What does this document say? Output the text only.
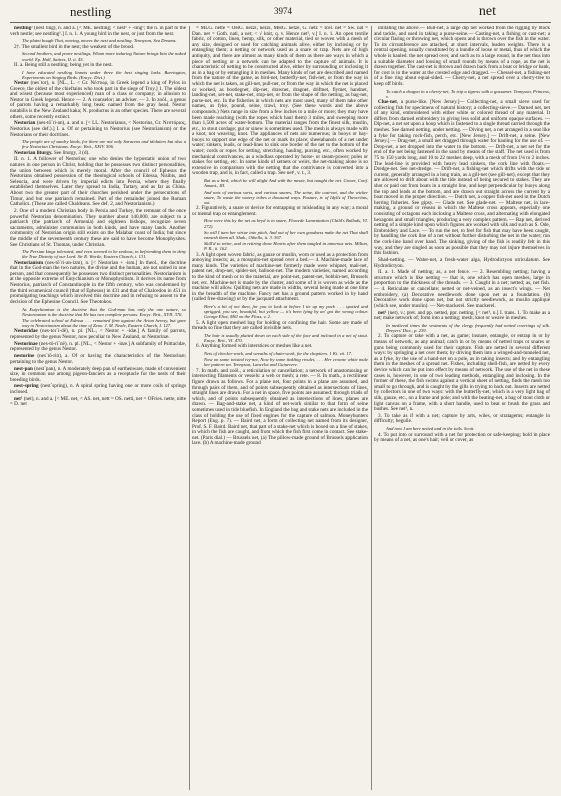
nestling	3974	net

nestling² (nest´ling), n. and a. [< ME. nestling; < nest¹ + -ling¹; the n. in part to the verb nestle; see nestling¹.] I. n. 1. A young bird in the nest, or just from the nest.

The plaint bough That, moving, moves the nest and nestling. Tennyson, Sea Dreams.

2†. The smallest bird in the nest; the weakest of the brood.

Second brothers, and poore nestlings, Whom more induring Nature brings Into the naked world. Ep. Hall, Satires, II. ii. 45.

II. a. Being still a nestling; being yet in the nest.

I have educated nestling linnets under three the best singing larks. Barrington, Experiments on Singing Birds. (Encyc. Dict.)

Nestor (nes´tor), n. [NL., L. < Gr. Νέστωρ, in Greek legend a king of Pylos in Greece, the oldest of the chieftains who took part in the siege of Troy.] 1. The oldest and wisest (because most experienced) man of a class or company; in allusion to Nestor in Greek legend. Hence — 2. A counselor; an adviser. — 3. In zoöl., a genus of parrots having a remarkably long beak: named from the gray head. Nestor notabilis is the New Zealand kaka; N. productus is an other species. There are several others, some recently extinct.

Nestorian (nes-tō´ri-an), a. and n. [< LL. Nestorianus, < Nestorius, Gr. Νεστόριος, Nestorius (see def.).] I. a. Of or pertaining to Nestorius (see Nestorianism) or the Nestorians or their doctrines.

The people are of sundry kinds, for there are not only Saracens and idolaters but also a few Nestorian Christians. Encyc. Brit., XXIV. 596.

Nestorian liturgy. See liturgy, 3 (d).

II. n. 1. A follower of Nestorius; one who denies the hypostatic union of two natures in one person in Christ, holding that he possesses two distinct personalities, the union between which is merely moral. After the council of Ephesus the Nestorians obtained possession of the theological schools of Edessa, Nisibis, and Seleucia, and were driven by imperial edicts into Persia, where they finally established themselves. Later they spread to India, Tartary, and as far as China. About two the greater part of their churches perished under the persecutions of Timur, and but one patriarch remained. Part of the remainder joined the Roman Catholics. (These are called Chaldeans. See def. 2, and Nestorianism.)

2. One of a modern Christian body in Persia and Turkey, the remnant of the once powerful Nestorian denomination. They number about 140,000, are subject to a patriarch (the patriarch of Armenia) and eighteen bishops, recognize seven sacraments, administer communion in both kinds, and have many lands. Another community of Nestorian origin still exists on the Malabar coast of India; but since the middle of the seventeenth century these are said to have become Monophysites. See Christians of St. Thomas, under Christian.

The Persian kings tolerated, and even seemed to be zealous, in befriending them to deny the True Divinity of our Lord. Sir R. Wortle, Eastern Church, i. 131.

Nestorianism (nes-tō´ri-an-izm), n. [< Nestorian + -ism.] In theol., the doctrine that in the God-man the two natures, the divine and the human, are not united in one person, and that consequently he possesses two distinct personalities. Nestorianism is at the opposite extreme of Eutychianism or Monophysitism. It derives its name from Nestorius, patriarch of Constantinople in the fifth century, who was condemned by the third ecumenical council (that of Ephesus) in 431 and that of Chalcedon in 451 in promulgating teachings which involved this doctrine and in refusing to assent to the decision of the Ephesine Council. See Theotokos.

As Eutychianism is the doctrine that the God-man has only the one nature, so Nestorianism is the doctrine that He has two complete persons. Encyc. Brit., XVII. 376.

The celebrated school at Edessa . . . remained firm against the Arian heresy, but gave way to Nestorianism about the time of Zeno. J. M. Neale, Eastern Church, I. 127.

Nestoridae (nes-tor´i-dē), n. pl. [NL., < Nestor + -idæ.] A family of parrots, represented by the genus Nestor, now peculiar to New Zealand, or Nestorinæ.

Nestorinae (nes-tō-rī´nē), n. pl. [NL., < Nestor + -inæ.] A subfamily of Psittacidæ, represented by the genus Nestor.

nestorine (nes´tō-rin), a. Of or having the characteristics of the Nestorinæ; pertaining to the genus Nestor.

nest-pan (nest´pan), n. A moderately deep pan of earthenware, made of convenient size, in common use among pigeon-fanciers as a receptacle for the nests of their breeding birds.

nest-spring (nest´spring), n. A spiral spring having one or more coils of springs inclosed.

net¹ (net), n. and a. [< ME. net, < AS. net, nett = OS. netti, net = OFries. nette, nitte = D. net

= MLG. nette = OHG. nezzi, nezzi, MHG. netze, G. netz = Icel. net = Sw. nät = Dan. net = Goth. nati, a net; < √ knit, q. v. Hence net¹, v.] I. n. 1. An open textile fabric, of cotton, linen, hemp, silk, or other material, tied or woven with a mesh of any size, designed or used for catching animals alive, either by inclosing or by entangling them; a netting or network used as a snare or trap. Nets are of high antiquity, and there are almost as many kinds of them as there are ways in which a piece of netting or a network can be adapted to the capture of animals. It is characteristic of netting to be constructed alive, either by surrounding or inclosing it as in a bag or by entangling it in meshes. Many kinds of net are described and named from the nature of the game, as bird-net, butterfly-net, fish-net, or from the way in which the net is taken, as gill-net, pull-net, or from the way in which the net is placed or worked, as bootlegnet, dip-net, drawnet, dragnet, driftnet, flymet, handnet, landing-net, set-net, stake-net, stop-net, or from the shape of the netting, as bag-net, purse-net, etc. In the fisheries in which nets are most used, many of them take other names, as fyke, pound, seine, trawl, troy. (See these words and the above compounds.) Nets range in size from a few inches to a mile or more; they may have been made reaching (with the ropes which haul them) 3 miles, and sweeping more than 1,500 acres of water-bottom. The material ranges from the finest silk, muslin, etc., to stout cordage; gut or sinew is sometimes used. The mesh is always made with a knot, not weaving, knot. The appliances of nets are numerous; in buoys or bay-buoys to support one edge of the net or mark its place; sheetahanols of a net under water; sinkers, leads, or lead-lines to sink one border of the net to the bottom of the water; cords or ropes for setting, stretching, hauling, pursing, etc., often worked by mechanical contrivances, as a windlass operated by horse- or steam-power; poles or stakes for setting, etc. In some kinds of setnets or weirs, the net-making alone is so extensive in comparison with the netting that the contrivance is converted into a wooden trap, and is, in fact, called a trap. See net¹, v. t., 3.

But as a bird, which he will alight And with the meute, but naught the net. Gower, Conf. Amant., III.

And nets of various sorts, and various snares, The seine, the cast-net, and the wicker snare, To waste the watery tribes a thousand ways. Pasture, tr. of Idylls of Theocritus, xxi.

2. Figuratively, a snare or device for entrapping or misleading in any way; a moral or mental trap or entanglement.

How were this by the net as bryd is in snare, Flowede Lamentation (Child's Ballads, VI. 272).

So will I turn her virtue into pitch, And out of her own goodness make the net That shall enmesh them all. Shak., Othello, ii. 3. 367.

Skill'd to retire, and in retiring draw Hearts after them tangled in amorous nets. Milton, P. R., ii. 162.

3. A light open woven fabric, as gauze or muslin, worn or used as a protection from annoying insects; as, a mosquito-net spread over a bed.— 4. Machine-made lace of many kinds. The varieties of machine-net formerly made were whipnet, mail-net, patent net, drop-net, spider-net, balloon-net. The modern varieties, named according to the kind of mesh or to the material, are point-net, patent-net, bobbin-net, Brussels net, etc. Machine-net is made by the cluster, and some of it is woven as wide as the machine will allow. Quilting nets are made in widths, several being made at one time in the breadth of the machine. Fancy net has a ground pattern worked in by hand (called free-drawing) or by the jacquard attachment.

Here's a bit of net then, for you to look at before I tie up my pack . . . spotted and sprigged, you see, beautiful, but yellow — it's been lying by an' got the wrong colour. George Eliot, Mill on the Floss, v. 2.

5. A light open meshed bag for holding or confining the hair. Some are made of threads so fine that they are called invisible nets.

The hair is usually plaited down on each side of the face and inclosed in a net of stout. Encyc. Brit., VI. 470.

6. Anything formed with interstices or meshes like a net.

Nets of checker-work, and wreaths of chain-work, for the chapiters. 1 Ki. vii. 17.

Now on some twisted ivy-net, Now by some tinkling rivulet, . . . Her crowne white mule her pattern set. Tennyson, Lancelot and Guinevere.

7. In math. and zoöl., a reticulation or cancellation; a network of anastomosing or intersecting filaments or vessels: a web or mesh; a rete. — 8. In math., a rectilinear figure drawn as follows. For a plane net, four points in a plane are assumed, and through pairs of them, and of points subsequently obtained as intersections of lines, straight lines are drawn. For a net in space, five points are assumed; through triads of which, and of points subsequently obtained as intersections of lines, planes are drawn. — Bag-and-stake net, a kind of net-work similar to that form of seine sometimes used in tide bluefish. In England the bag and stake nets are included in the class of holding the use of fixed engines for the capture of salmon. Moneyhunters Report (Eng. p. 7). — Baird net, a form of collecting net named from its designer, Prof. S. F. Baird. Baird net, that part of a stake-net which is boxed on a line of stakes, in which the fish are caught, and from which the fish first come in contact. See stake-net. (Paris dial.) — Brussels net, (a) The pillow-made ground of Brussels application lace. (b) A machine-made ground

imitating the above.— Bull-net, a large dip net worked from the rigging by block and tackle, and used in taking a purse-seine.— Casting-net, a fishing or cast-net; a circular flaring or throwing net, which opens and is thrown over the fish in the water. To its circumference are attached, at short intervals, leaden weights. There is a central opening, usually constituted by a bundle of loose or metal, thus of which the whole is hauled. the net spread over, and such as to a large round, in the net thus into a suitable diameter and loosing of small rounds by means of a rope, as the net is drawn together. The cast-net is thrown and drawn back from a boat or bridge or bank, for cost is in the water at the crested edge and dragged. — Chessel-net, a fishing-net of a fine ring about equal-sided. — Cherry-net, a net spread over a cherry-tree to keep off birds.

To catch a dragon in a cherry-net, To trip a tigress with a gossamer. Tennyson, Princess, v.

Clue-net, a purse-like. [New Jersey.]— Collecting-net, a small sieve used for collecting fish for specimens of natural history; a collecting-sieve.— Darned net, net of any kind, embroidered with either white or colored thread of any material. It differs from darned embroidery in giving less solid and uniform opaque surfaces. — Dip-net, a net set upon a hoop which is fastened to a single thread carried through the meshes. See darned netting, under netting. — Diving net, a net arranged in a seat like a fyke for taking rock-fish, perch, etc. [New Jersey.] — Drift-net, a seine. [New Jersey.] — Drag-net, a small net dragged through water for hauling for the use of. — Drop-net, a net dropped into the water to the bottom. — Drift-net, a net set for the end of the net being fastened in the sand by means of the staff. The net used is from 75 to 150 yards long, and 10 to 22 meshes deep, with a mesh of from 1⅛ to 2 inches. The lead-line is provided with heavy lead sinkers, the cork line with floats.— Dredge-net. See net-dredge. — Drift-net, a fishing-net which drifts with the tide or current, generally arranged in a long train, as a gill-net (see gill-net), except that they are allowed to drift about with the tide instead of being secured to stakes. They are shot or paid out from boats in a straight line, and kept perpendicular by buoys along the top and leads at the bottom, and are drawn out straight across the current by a boat moved in the proper direction. — Dutch net, a copper fish-net used in the Dutch herring fisheries. See gipsy. — Glade net. See glade-net. — Maltese net, in lace-making, a ground or réseau in which the Maltese cross appears, especially one consisting of octagons each inclosing a Maltese cross, and alternating with elongated hexagons and small triangles, producing a very complex pattern. — Rap net, derived netting of a simple kind upon which figures are worked with silk and such as S. Ode, Embroidery and Lace. — To run the net, to feel for fish that may have been caught, by handling the cork line of a net without further disturbing the net in the water; run the cork-line hand over hand. The sinking, giving of the fish is readily felt in this way, and they are singled as soon as possible that they may not injure themselves in this fashion.

Shad-netting. — Water-net, a fresh-water alga, Hydrodictyon utriculatum. See Hydrodictyon.

II. a. 1. Made of netting; as, a net fence. — 2. Resembling netting; having a structure which is like netting — that is, one which has open meshes, large in proportion to the thickness of the threads. — 3. Caught in a net; netted; as, net fish. — 4. Reticulate or cancellate; netted or net-veined, as an insect's wings. — Net embroidery, (a) Decorative needlework done upon net as a foundation. (b) Decorative work done upon net, but not strictly needlework, as muslin appliqué (which see, under muslin). — Net-mackerel. See mackerel.

net¹ (net), v.; pret. and pp. netted, ppr. netting. [< net¹, n.] I. trans. 1. To make as a net; make network of; form into a netting; mesh; knot or weave in meshes.

In medieval times the vestments of the clergy frequently had netted coverings of silk. Dreyers' Dict., p. 239.

2. To capture or take with a net, as game; insnare, entangle, or entrap in or by means of network, as any animal; catch in or by means of netted traps or snares or guns being commonly used for their capture. Fish are netted in several different ways: by springing a net over them; by driving them into a winged-and-tunneled net, as a fyke, by the use of a hand-net on a pole, as in taking insects; and by entangling them in the meshes of a spread net. Fishes, including shell-fish, are netted by every device which can be put into effect by means of network. The use of the net in these cases is, however, in one of two leading methods, entangling and inclosing. In the former of these, the fish swims against a vertical sheet of netting, finds the mesh too small to go through, and is caught by the gills in trying to back out. Insects are netted by collectors in one of two ways: with the butterfly-net, which is a very light bag of silk, gauze, etc., on a frame and pole; and with the beating-net, a bag of stout cloth or light canvas on a frame, with a short handle, used to beat or brush the grass and bushes. See net¹, n.

3. To take as if with a net; capture by arts, wiles, or stratagems; entangle in difficulty; beguile.

And now I am here netted and in the toils. Scott.

4. To put into or surround with a net for protection or safe-keeping; hold in place by means of a net, as one's hair; veil or cover, as
